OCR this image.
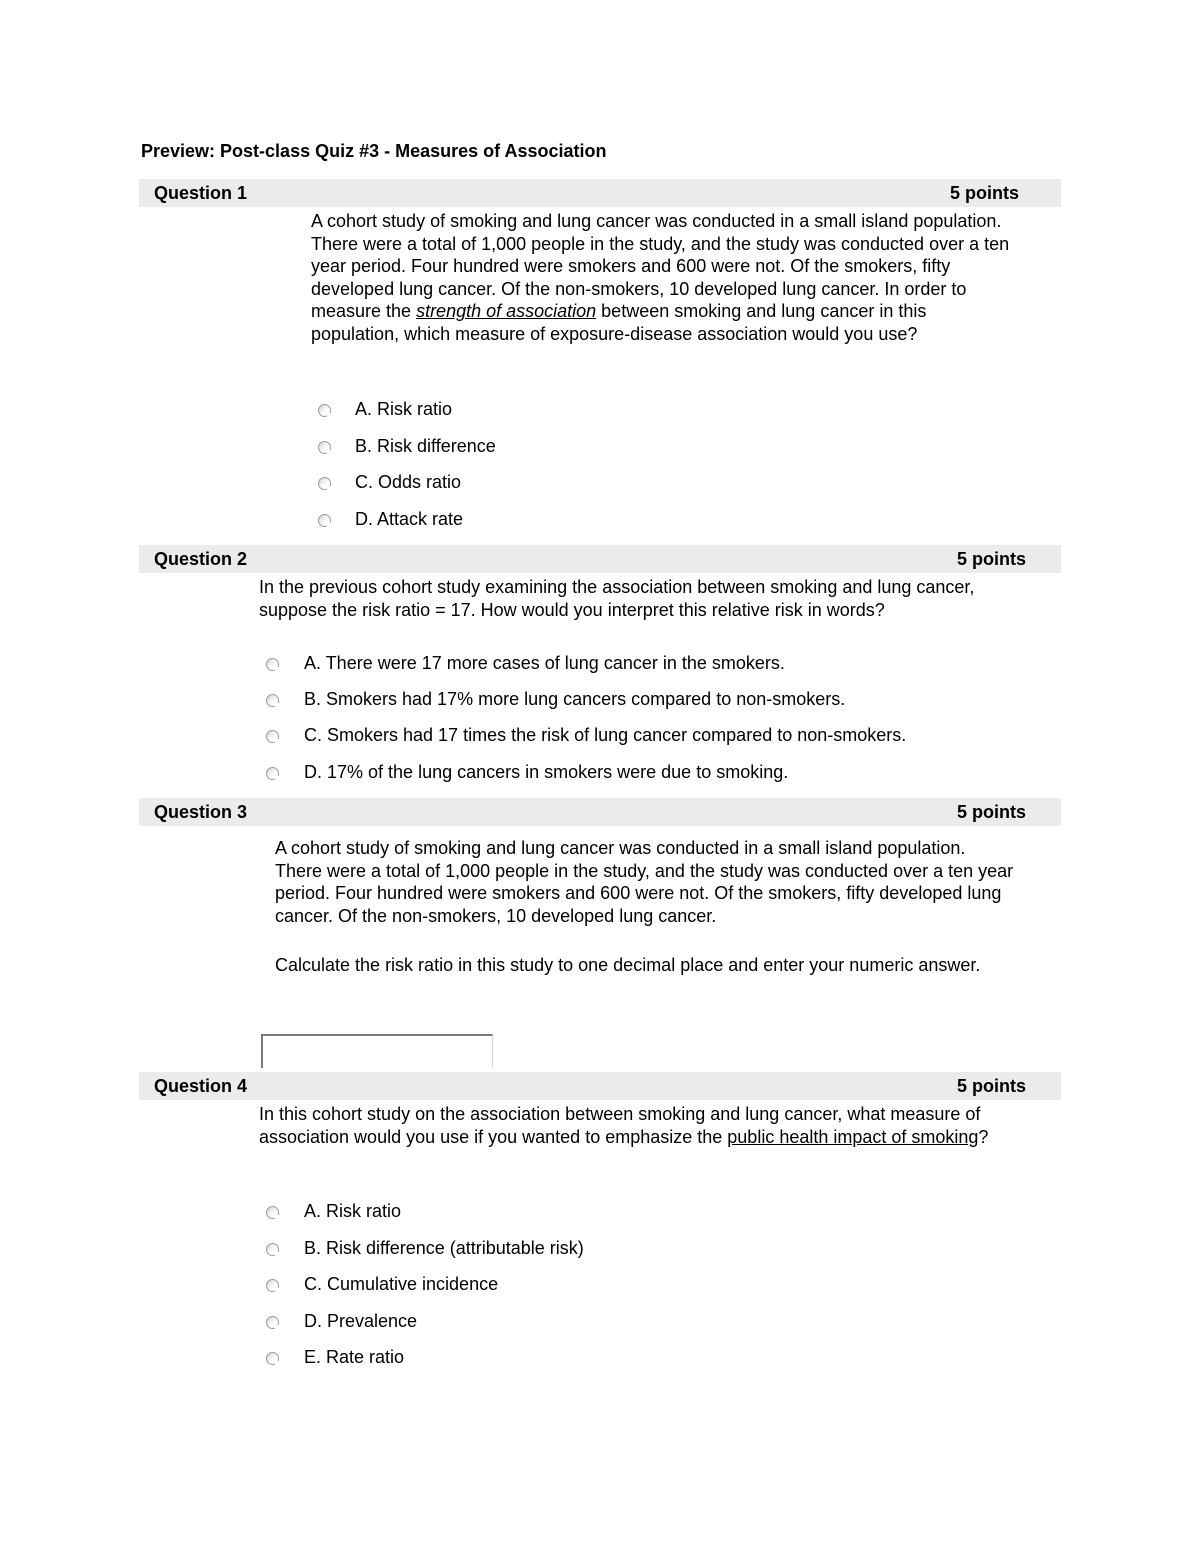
Preview: Post-class Quiz #3 - Measures of Association
Question 1	5 points
A cohort study of smoking and lung cancer was conducted in a small island population. There were a total of 1,000 people in the study, and the study was conducted over a ten year period. Four hundred were smokers and 600 were not. Of the smokers, fifty developed lung cancer. Of the non-smokers, 10 developed lung cancer. In order to measure the strength of association between smoking and lung cancer in this population, which measure of exposure-disease association would you use?
A. Risk ratio
B. Risk difference
C. Odds ratio
D. Attack rate
Question 2	5 points
In the previous cohort study examining the association between smoking and lung cancer, suppose the risk ratio = 17. How would you interpret this relative risk in words?
A. There were 17 more cases of lung cancer in the smokers.
B. Smokers had 17% more lung cancers compared to non-smokers.
C. Smokers had 17 times the risk of lung cancer compared to non-smokers.
D. 17% of the lung cancers in smokers were due to smoking.
Question 3	5 points

A cohort study of smoking and lung cancer was conducted in a small island population. There were a total of 1,000 people in the study, and the study was conducted over a ten year period. Four hundred were smokers and 600 were not. Of the smokers, fifty developed lung cancer. Of the non-smokers, 10 developed lung cancer.

Calculate the risk ratio in this study to one decimal place and enter your numeric answer.

Question 4	5 points
In this cohort study on the association between smoking and lung cancer, what measure of association would you use if you wanted to emphasize the public health impact of smoking?
A. Risk ratio
B. Risk difference (attributable risk)
C. Cumulative incidence
D. Prevalence
E. Rate ratio
